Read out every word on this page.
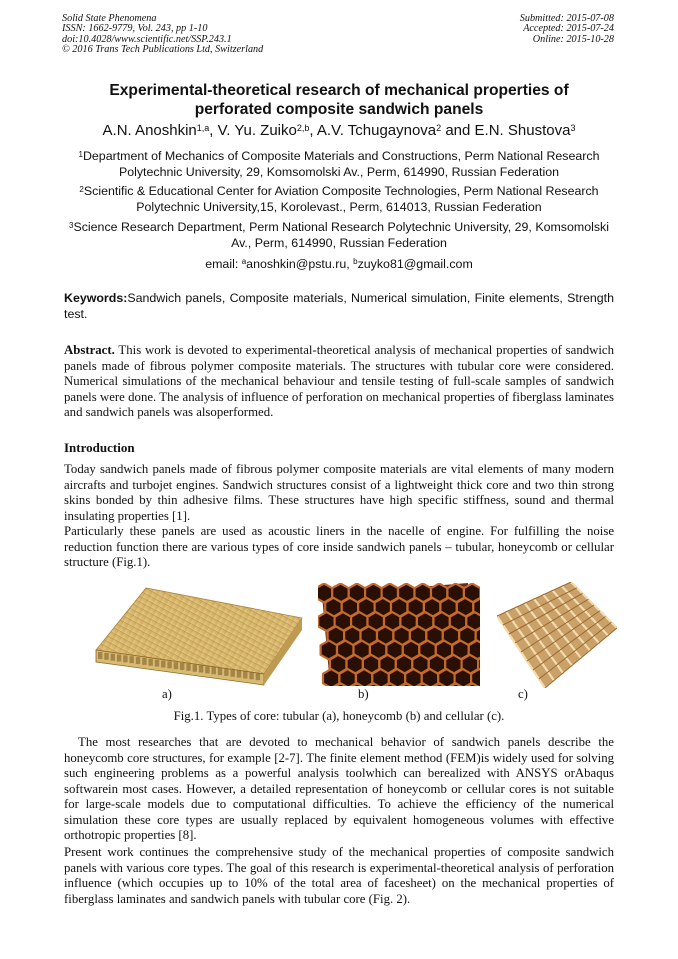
Solid State Phenomena
ISSN: 1662-9779, Vol. 243, pp 1-10
doi:10.4028/www.scientific.net/SSP.243.1
© 2016 Trans Tech Publications Ltd, Switzerland
Submitted: 2015-07-08
Accepted: 2015-07-24
Online: 2015-10-28
Experimental-theoretical research of mechanical properties of
perforated composite sandwich panels
A.N. Anoshkin$^{1,a}$, V. Yu. Zuiko$^{2,b}$, A.V. Tchugaynova$^2$ and E.N. Shustova$^3$
$^1$Department of Mechanics of Composite Materials and Constructions, Perm National Research
Polytechnic University, 29, Komsomolski Av., Perm, 614990, Russian Federation
$^2$Scientific & Educational Center for Aviation Composite Technologies, Perm National Research
Polytechnic University,15, Korolevast., Perm, 614013, Russian Federation
$^3$Science Research Department, Perm National Research Polytechnic University, 29, Komsomolski
Av., Perm, 614990, Russian Federation
email: $^a$anoshkin@pstu.ru, $^b$zuyko81@gmail.com
Keywords:Sandwich panels, Composite materials, Numerical simulation, Finite elements, Strength test.
Abstract. This work is devoted to experimental-theoretical analysis of mechanical properties of sandwich panels made of fibrous polymer composite materials. The structures with tubular core were considered. Numerical simulations of the mechanical behaviour and tensile testing of full-scale samples of sandwich panels were done. The analysis of influence of perforation on mechanical properties of fiberglass laminates and sandwich panels was alsoperformed.
Introduction
Today sandwich panels made of fibrous polymer composite materials are vital elements of many modern aircrafts and turbojet engines. Sandwich structures consist of a lightweight thick core and two thin strong skins bonded by thin adhesive films. These structures have high specific stiffness, sound and thermal insulating properties [1].
Particularly these panels are used as acoustic liners in the nacelle of engine. For fulfilling the noise reduction function there are various types of core inside sandwich panels – tubular, honeycomb or cellular structure (Fig.1).
a)	b)	c)
Fig.1. Types of core: tubular (a), honeycomb (b) and cellular (c).
The most researches that are devoted to mechanical behavior of sandwich panels describe the honeycomb core structures, for example [2-7]. The finite element method (FEM)is widely used for solving such engineering problems as a powerful analysis toolwhich can berealized with ANSYS orAbaqus softwarein most cases. However, a detailed representation of honeycomb or cellular cores is not suitable for large-scale models due to computational difficulties. To achieve the efficiency of the numerical simulation these core types are usually replaced by equivalent homogeneous volumes with effective orthotropic properties [8].
Present work continues the comprehensive study of the mechanical properties of composite sandwich panels with various core types. The goal of this research is experimental-theoretical analysis of perforation influence (which occupies up to 10% of the total area of facesheet) on the mechanical properties of fiberglass laminates and sandwich panels with tubular core (Fig. 2).
